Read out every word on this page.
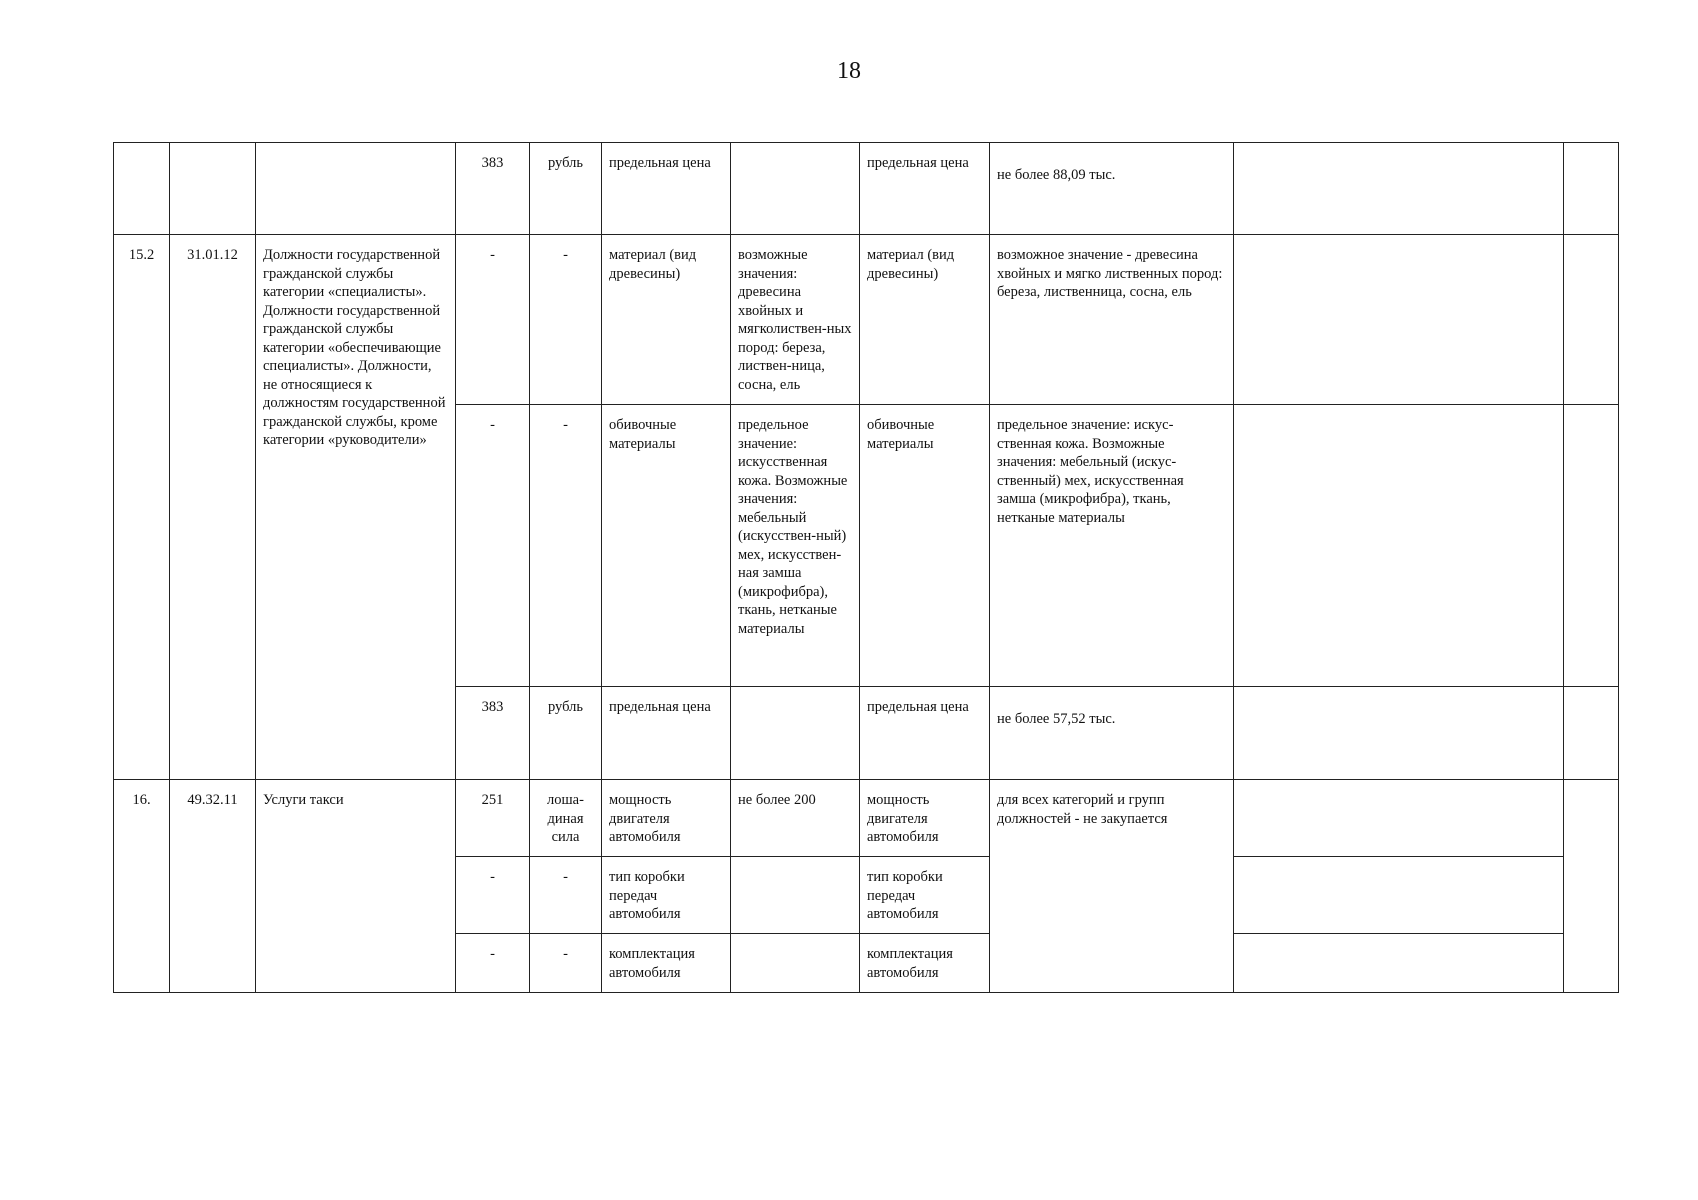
18
			383	рубль	предельная цена		предельная цена	не более 88,09 тыс.		
15.2	31.01.12	Должности государственной гражданской службы категории «специалисты». Должности государственной гражданской службы категории «обеспечивающие специалисты». Должности, не относящиеся к должностям государственной гражданской службы, кроме категории «руководители»	-	-	материал (вид древесины)	возможные значения: древесина хвойных и мягколиствен-ных пород: береза, листвен-ница, сосна, ель	материал (вид древесины)	возможное значение - древесина хвойных и мягко лиственных пород: береза, лиственница, сосна, ель		
			-	-	обивочные материалы	предельное значение: искусственная кожа. Возможные значения: мебельный (искусствен-ный) мех, искусствен-ная замша (микрофибра), ткань, нетканые материалы	обивочные материалы	предельное значение: искус-ственная кожа. Возможные значения: мебельный (искус-ственный) мех, искусственная замша (микрофибра), ткань, нетканые материалы		
			383	рубль	предельная цена		предельная цена	не более 57,52 тыс.		
16.	49.32.11	Услуги такси	251	лоша-диная сила	мощность двигателя автомобиля	не более 200	мощность двигателя автомобиля	для всех категорий и групп должностей - не закупается		
			-	-	тип коробки передач автомобиля		тип коробки передач автомобиля			
			-	-	комплектация автомобиля		комплектация автомобиля			
